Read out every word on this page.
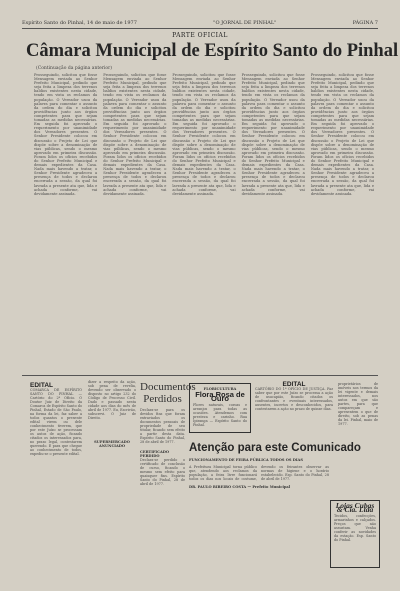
Espírito Santo do Pinhal, 14 de maio de 1977	"O JORNAL DE PINHAL"	PÁGINA 7
PARTE OFICIAL
Câmara Municipal de Espírito Santo do Pinhal
(Continuação da página anterior)
Prosseguindo, solicitou que fosse Mensagem enviada ao Senhor Prefeito Municipal, pedindo que seja feita a limpeza dos terrenos baldios existentes nesta cidade, tendo em vista os reclamos da população. O Vereador usou da palavra para comentar o assunto da ordem do dia e solicitou providências junto aos órgãos competentes para que sejam tomadas as medidas necessárias. Em seguida foi aprovado o requerimento por unanimidade dos Vereadores presentes. O Senhor Presidente colocou em discussão o Projeto de Lei que dispõe sobre a denominação de vias públicas, sendo o mesmo aprovado em primeira discussão. Foram lidos os ofícios recebidos do Senhor Prefeito Municipal e demais expedientes da Casa. Nada mais havendo a tratar, o Senhor Presidente agradeceu a presença de todos e declarou encerrada a sessão, da qual foi lavrada a presente ata que, lida e achada conforme, vai devidamente assinada.
Prosseguindo, solicitou que fosse Mensagem enviada ao Senhor Prefeito Municipal, pedindo que seja feita a limpeza dos terrenos baldios existentes nesta cidade, tendo em vista os reclamos da população. O Vereador usou da palavra para comentar o assunto da ordem do dia e solicitou providências junto aos órgãos competentes para que sejam tomadas as medidas necessárias. Em seguida foi aprovado o requerimento por unanimidade dos Vereadores presentes. O Senhor Presidente colocou em discussão o Projeto de Lei que dispõe sobre a denominação de vias públicas, sendo o mesmo aprovado em primeira discussão. Foram lidos os ofícios recebidos do Senhor Prefeito Municipal e demais expedientes da Casa. Nada mais havendo a tratar, o Senhor Presidente agradeceu a presença de todos e declarou encerrada a sessão, da qual foi lavrada a presente ata que, lida e achada conforme, vai devidamente assinada.
Prosseguindo, solicitou que fosse Mensagem enviada ao Senhor Prefeito Municipal, pedindo que seja feita a limpeza dos terrenos baldios existentes nesta cidade, tendo em vista os reclamos da população. O Vereador usou da palavra para comentar o assunto da ordem do dia e solicitou providências junto aos órgãos competentes para que sejam tomadas as medidas necessárias. Em seguida foi aprovado o requerimento por unanimidade dos Vereadores presentes. O Senhor Presidente colocou em discussão o Projeto de Lei que dispõe sobre a denominação de vias públicas, sendo o mesmo aprovado em primeira discussão. Foram lidos os ofícios recebidos do Senhor Prefeito Municipal e demais expedientes da Casa. Nada mais havendo a tratar, o Senhor Presidente agradeceu a presença de todos e declarou encerrada a sessão, da qual foi lavrada a presente ata que, lida e achada conforme, vai devidamente assinada.
Prosseguindo, solicitou que fosse Mensagem enviada ao Senhor Prefeito Municipal, pedindo que seja feita a limpeza dos terrenos baldios existentes nesta cidade, tendo em vista os reclamos da população. O Vereador usou da palavra para comentar o assunto da ordem do dia e solicitou providências junto aos órgãos competentes para que sejam tomadas as medidas necessárias. Em seguida foi aprovado o requerimento por unanimidade dos Vereadores presentes. O Senhor Presidente colocou em discussão o Projeto de Lei que dispõe sobre a denominação de vias públicas, sendo o mesmo aprovado em primeira discussão. Foram lidos os ofícios recebidos do Senhor Prefeito Municipal e demais expedientes da Casa. Nada mais havendo a tratar, o Senhor Presidente agradeceu a presença de todos e declarou encerrada a sessão, da qual foi lavrada a presente ata que, lida e achada conforme, vai devidamente assinada.
Prosseguindo, solicitou que fosse Mensagem enviada ao Senhor Prefeito Municipal, pedindo que seja feita a limpeza dos terrenos baldios existentes nesta cidade, tendo em vista os reclamos da população. O Vereador usou da palavra para comentar o assunto da ordem do dia e solicitou providências junto aos órgãos competentes para que sejam tomadas as medidas necessárias. Em seguida foi aprovado o requerimento por unanimidade dos Vereadores presentes. O Senhor Presidente colocou em discussão o Projeto de Lei que dispõe sobre a denominação de vias públicas, sendo o mesmo aprovado em primeira discussão. Foram lidos os ofícios recebidos do Senhor Prefeito Municipal e demais expedientes da Casa. Nada mais havendo a tratar, o Senhor Presidente agradeceu a presença de todos e declarou encerrada a sessão, da qual foi lavrada a presente ata que, lida e achada conforme, vai devidamente assinada.
EDITAL
COMARCA DE ESPÍRITO SANTO DO PINHAL — Cartório do 2º Ofício. O Doutor Juiz de Direito da Comarca de Espírito Santo do Pinhal, Estado de São Paulo, na forma da lei, faz saber a todos quantos o presente edital virem ou dele conhecimento tiverem, que por este Juízo se processam os autos de ação, ficando citados os interessados para, no prazo legal, contestarem querendo. E para que chegue ao conhecimento de todos, expediu-se o presente edital.
dizer a respeito da ação, sob pena de revelia, devendo ser observado o disposto no artigo 232 do Código de Processo Civil. Dado e passado nesta cidade aos dias do mês de abril de 1977. Eu, Escrivão, subscrevi. O Juiz de Direito.
SUPERMERCADO ANUNCIADO
Documentos Perdidos
Declara-se para os devidos fins que foram extraviados os documentos pessoais de propriedade de seu titular, ficando sem efeito a partir desta data. Espírito Santo do Pinhal, 28 de abril de 1977.
CERTIFICADO PERDIDO
Declara-se perdido o certificado de conclusão de curso, ficando o mesmo sem efeito para quaisquer fins. Espírito Santo do Pinhal, 28 de abril de 1977.
FLORICULTURA
Flora Rosa de Ouro
Flores naturais, coroas e arranjos para todas as ocasiões. Atendemos com presteza e carinho. Rua Ipiranga — Espírito Santo do Pinhal.
Atenção para este Comunicado
FUNCIONAMENTO DE FEIRA PÚBLICA TODOS OS DIAS
A Prefeitura Municipal torna público que, atendendo aos reclamos da população, a feira livre funcionará todos os dias nos locais de costume, devendo os feirantes observar as normas de higiene e o horário estabelecido. Esp. Santo do Pinhal, 28 de abril de 1977.
DR. PAULO RIBEIRO COSTA — Prefeito Municipal
EDITAL
CARTÓRIO DO 1º OFÍCIO DE JUSTIÇA. Faz saber que por este Juízo se processa a ação de usucapião, ficando citados os confrontantes e eventuais interessados, ausentes, incertos e desconhecidos, para contestarem a ação no prazo de quinze dias.
proprietários de imóveis nos termos da lei vigente e demais interessados, nos autos em que são partes, para que compareçam e apresentem o que de direito, sob as penas da lei. Pinhal, maio de 1977.
Lojas Cubas & Cia. Ltda
Tecidos, confecções, armarinhos e calçados. Preços que não assustam. Venha conferir as novidades da estação. Esp. Santo do Pinhal.
